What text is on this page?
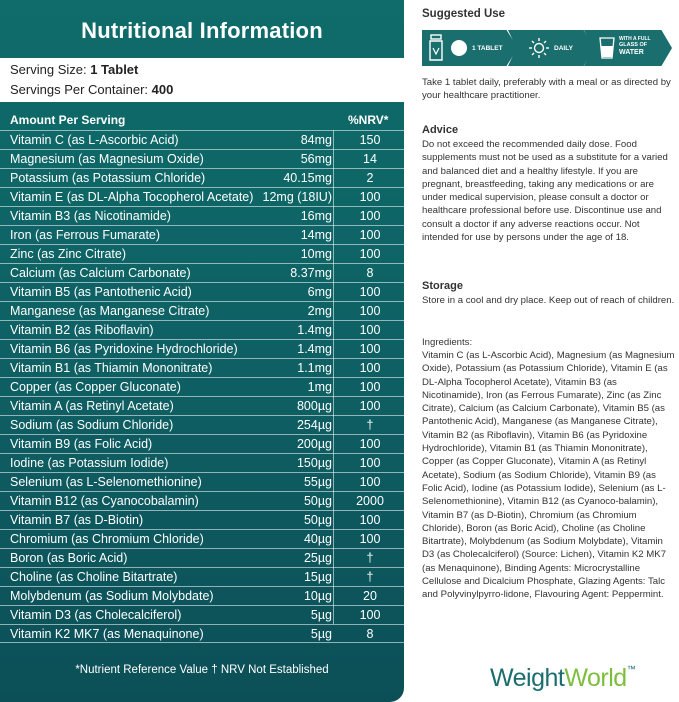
Nutritional Information
Serving Size: 1 Tablet
Servings Per Container: 400
Amount Per Serving	%NRV*
Vitamin C (as L-Ascorbic Acid)	84mg	150
Magnesium (as Magnesium Oxide)	56mg	14
Potassium (as Potassium Chloride)	40.15mg	2
Vitamin E (as DL-Alpha Tocopherol Acetate) 12mg (18IU)	100
Vitamin B3 (as Nicotinamide)	16mg	100
Iron (as Ferrous Fumarate)	14mg	100
Zinc (as Zinc Citrate)	10mg	100
Calcium (as Calcium Carbonate)	8.37mg	8
Vitamin B5 (as Pantothenic Acid)	6mg	100
Manganese (as Manganese Citrate)	2mg	100
Vitamin B2 (as Riboflavin)	1.4mg	100
Vitamin B6 (as Pyridoxine Hydrochloride)	1.4mg	100
Vitamin B1 (as Thiamin Mononitrate)	1.1mg	100
Copper (as Copper Gluconate)	1mg	100
Vitamin A (as Retinyl Acetate)	800µg	100
Sodium (as Sodium Chloride)	254µg	†
Vitamin B9 (as Folic Acid)	200µg	100
Iodine (as Potassium Iodide)	150µg	100
Selenium (as L-Selenomethionine)	55µg	100
Vitamin B12 (as Cyanocobalamin)	50µg	2000
Vitamin B7 (as D-Biotin)	50µg	100
Chromium (as Chromium Chloride)	40µg	100
Boron (as Boric Acid)	25µg	†
Choline (as Choline Bitartrate)	15µg	†
Molybdenum (as Sodium Molybdate)	10µg	20
Vitamin D3 (as Cholecalciferol)	5µg	100
Vitamin K2 MK7 (as Menaquinone)	5µg	8
*Nutrient Reference Value † NRV Not Established
Suggested Use
1 TABLET	DAILY
WITH A FULL
GLASS OF
WATER
Take 1 tablet daily, preferably with a meal or as directed by your healthcare practitioner.
Advice
Do not exceed the recommended daily dose. Food supplements must not be used as a substitute for a varied and balanced diet and a healthy lifestyle. If you are pregnant, breastfeeding, taking any medications or are under medical supervision, please consult a doctor or healthcare professional before use. Discontinue use and consult a doctor if any adverse reactions occur. Not intended for use by persons under the age of 18.
Storage
Store in a cool and dry place. Keep out of reach of children.
Ingredients:
Vitamin C (as L-Ascorbic Acid), Magnesium (as Magnesium Oxide), Potassium (as Potassium Chloride), Vitamin E (as DL-Alpha Tocopherol Acetate), Vitamin B3 (as Nicotinamide), Iron (as Ferrous Fumarate), Zinc (as Zinc Citrate), Calcium (as Calcium Carbonate), Vitamin B5 (as Pantothenic Acid), Manganese (as Manganese Citrate), Vitamin B2 (as Riboflavin), Vitamin B6 (as Pyridoxine Hydrochloride), Vitamin B1 (as Thiamin Mononitrate), Copper (as Copper Gluconate), Vitamin A (as Retinyl Acetate), Sodium (as Sodium Chloride), Vitamin B9 (as Folic Acid), Iodine (as Potassium Iodide), Selenium (as L-Selenomethionine), Vitamin B12 (as Cyanoco-balamin), Vitamin B7 (as D-Biotin), Chromium (as Chromium Chloride), Boron (as Boric Acid), Choline (as Choline Bitartrate), Molybdenum (as Sodium Molybdate), Vitamin D3 (as Cholecalciferol) (Source: Lichen), Vitamin K2 MK7 (as Menaquinone), Binding Agents: Microcrystalline Cellulose and Dicalcium Phosphate, Glazing Agents: Talc and Polyvinylpyrro-lidone, Flavouring Agent: Peppermint.
WeightWorld™
